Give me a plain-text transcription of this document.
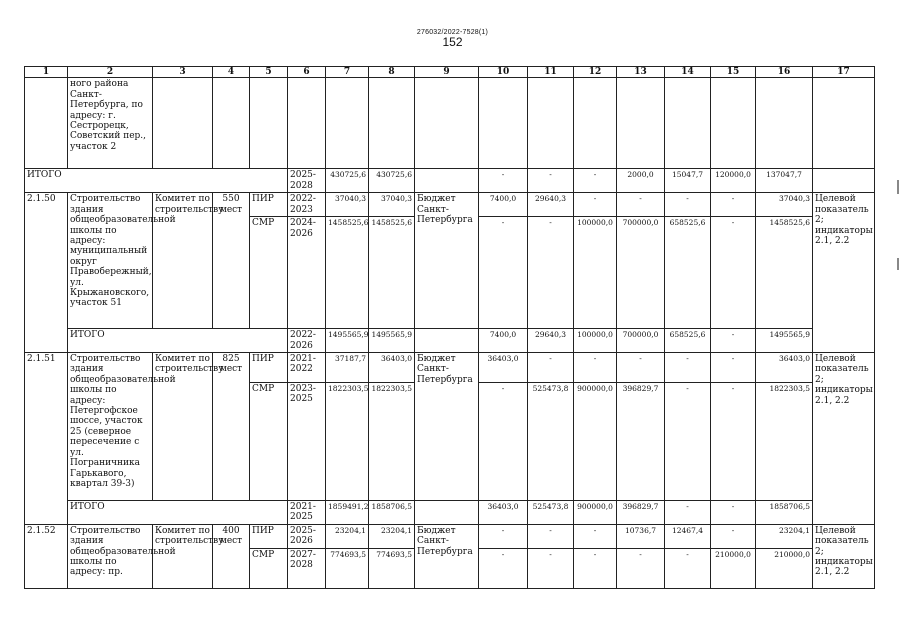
276032/2022-7528(1)
152
1	2	3	4	5	6	7	8	9	10	11	12	13	14	15	16	17
	ного района Санкт-Петербурга, по адресу: г. Сестрорецк, Советский пер., участок 2															
ИТОГО					2025-2028	430725,6	430725,6		-	-	-	2000,0	15047,7	120000,0	137047,7	
2.1.50	Строительство здания общеобразовательной школы по адресу: муниципальный округ Правобережный, ул. Крыжановского, участок 51	Комитет по строительству	550 мест	ПИР	2022-2023	37040,3	37040,3	Бюджет Санкт-Петербурга	7400,0	29640,3	-	-	-	-	37040,3	Целевой показатель 2; индикаторы 2.1, 2.2
				СМР	2024-2026	1458525,6	1458525,6		-	-	100000,0	700000,0	658525,6	-	1458525,6	
	ИТОГО				2022-2026	1495565,9	1495565,9		7400,0	29640,3	100000,0	700000,0	658525,6	-	1495565,9	
2.1.51	Строительство здания общеобразовательной школы по адресу: Петергофское шоссе, участок 25 (северное пересечение с ул. Пограничника Гарькавого, квартал 39-3)	Комитет по строительству	825 мест	ПИР	2021-2022	37187,7	36403,0	Бюджет Санкт-Петербурга	36403,0	-	-	-	-	-	36403,0	Целевой показатель 2; индикаторы 2.1, 2.2
				СМР	2023-2025	1822303,5	1822303,5		-	525473,8	900000,0	396829,7	-	-	1822303,5	
	ИТОГО				2021-2025	1859491,2	1858706,5		36403,0	525473,8	900000,0	396829,7	-	-	1858706,5	
2.1.52	Строительство здания общеобразовательной школы по адресу: пр.	Комитет по строительству	400 мест	ПИР	2025-2026	23204,1	23204,1	Бюджет Санкт-Петербурга	-	-	-	10736,7	12467,4	-	23204,1	Целевой показатель 2; индикаторы 2.1, 2.2
				СМР	2027-2028	774693,5	774693,5		-	-	-	-	-	210000,0	210000,0	
